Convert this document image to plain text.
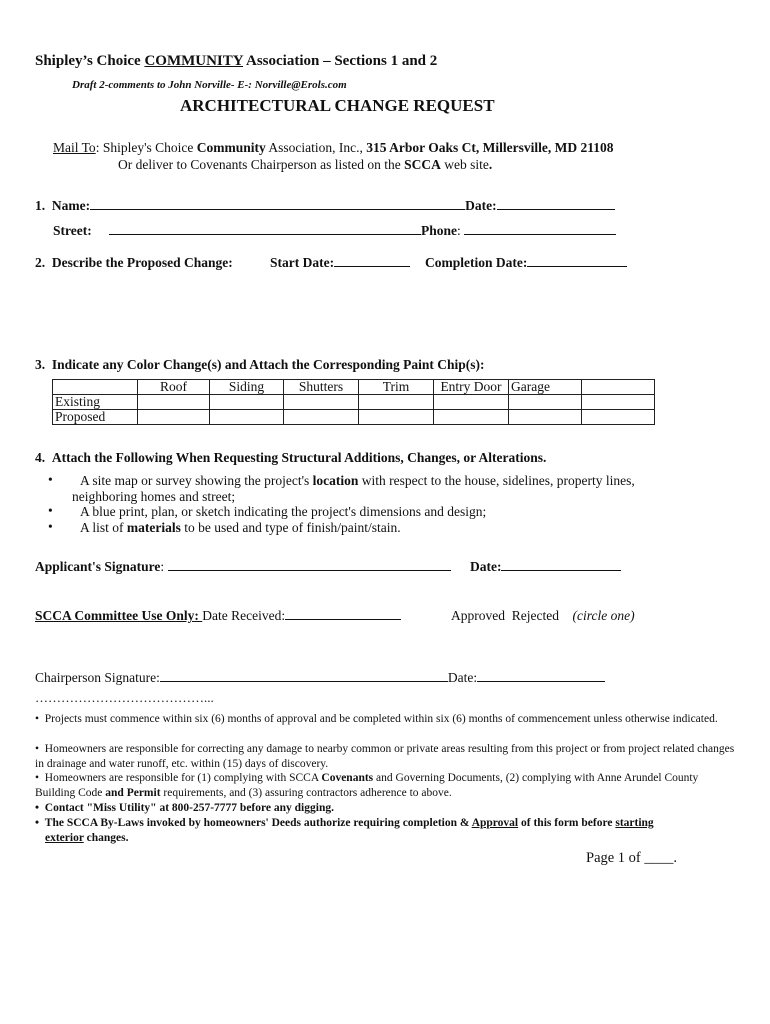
Shipley’s Choice COMMUNITY Association – Sections 1 and 2
Draft 2-comments to John Norville- E-: Norville@Erols.com
ARCHITECTURAL CHANGE REQUEST
Mail To: Shipley's Choice Community Association, Inc., 315 Arbor Oaks Ct, Millersville, MD 21108
Or deliver to Covenants Chairperson as listed on the SCCA web site.
1. Name:	Date:
Street:	Phone:
2. Describe the Proposed Change:	Start Date:	Completion Date:
3. Indicate any Color Change(s) and Attach the Corresponding Paint Chip(s):
	Roof	Siding	Shutters	Trim	Entry Door	Garage	
Existing							
Proposed							
4. Attach the Following When Requesting Structural Additions, Changes, or Alterations.
• A site map or survey showing the project's location with respect to the house, sidelines, property lines,
neighboring homes and street;
• A blue print, plan, or sketch indicating the project's dimensions and design;
• A list of materials to be used and type of finish/paint/stain.
Applicant's Signature:	Date:
SCCA Committee Use Only: Date Received:	Approved Rejected (circle one)
Chairperson Signature:	Date:
…………………………………...
• Projects must commence within six (6) months of approval and be completed within six (6) months of commencement unless otherwise indicated.
• Homeowners are responsible for correcting any damage to nearby common or private areas resulting from this project or from project related changes in drainage and water runoff, etc. within (15) days of discovery.
• Homeowners are responsible for (1) complying with SCCA Covenants and Governing Documents, (2) complying with Anne Arundel County Building Code and Permit requirements, and (3) assuring contractors adherence to above.
• Contact "Miss Utility" at 800-257-7777 before any digging.
• The SCCA By-Laws invoked by homeowners' Deeds authorize requiring completion & Approval of this form before starting
exterior changes.
Page 1 of ____.
